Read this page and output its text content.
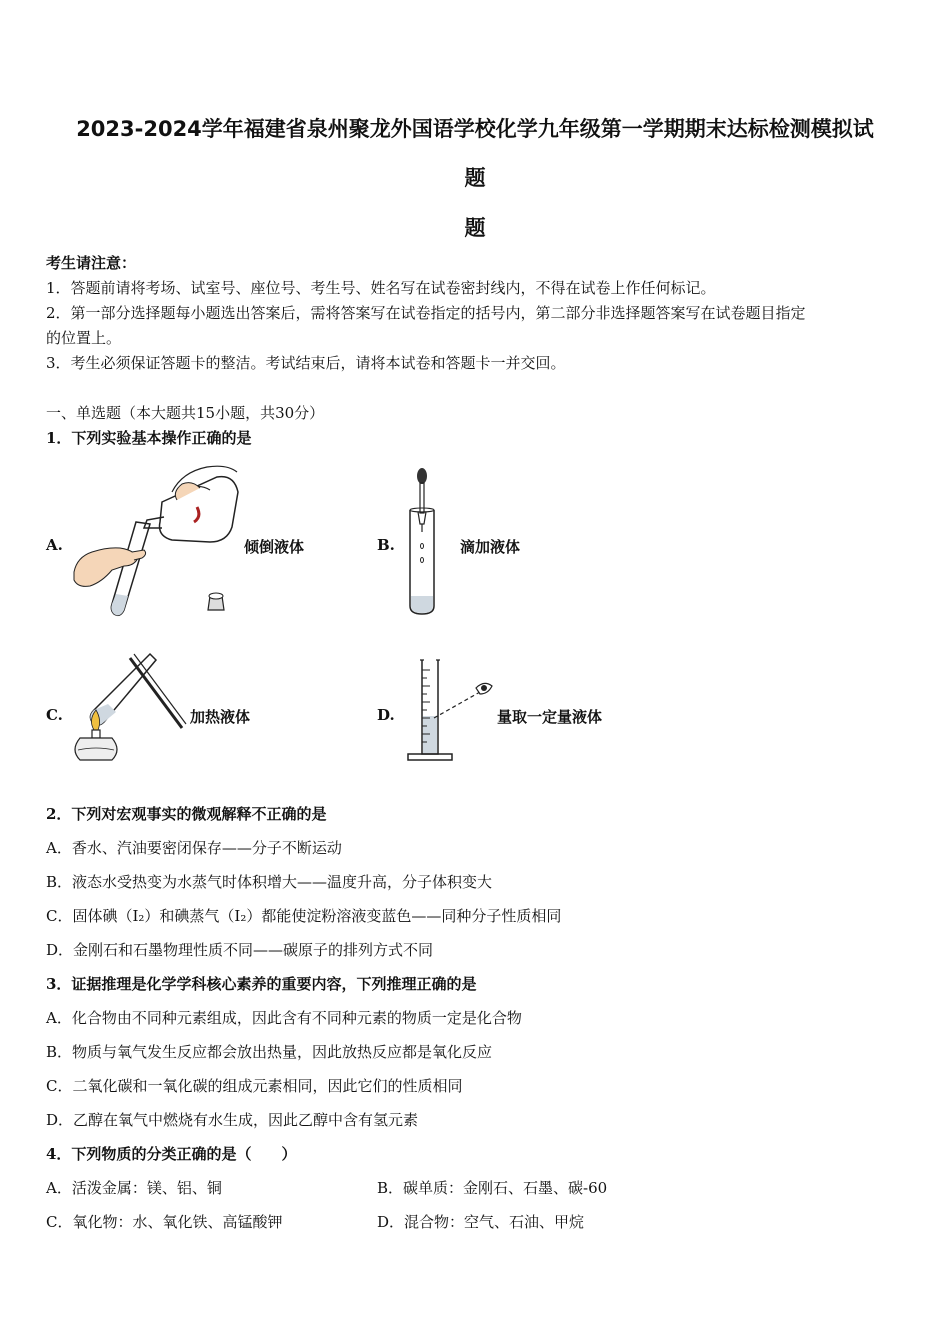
2023-2024学年福建省泉州聚龙外国语学校化学九年级第一学期期末达标检测模拟试
题
题
考生请注意：
1．答题前请将考场、试室号、座位号、考生号、姓名写在试卷密封线内，不得在试卷上作任何标记。
2．第一部分选择题每小题选出答案后，需将答案写在试卷指定的括号内，第二部分非选择题答案写在试卷题目指定
的位置上。
3．考生必须保证答题卡的整洁。考试结束后，请将本试卷和答题卡一并交回。
一、单选题（本大题共15小题，共30分）
1．下列实验基本操作正确的是
A.	倾倒液体	B.	滴加液体
C.	加热液体	D.	量取一定量液体
2．下列对宏观事实的微观解释不正确的是
A．香水、汽油要密闭保存——分子不断运动
B．液态水受热变为水蒸气时体积增大——温度升高，分子体积变大
C．固体碘（I₂）和碘蒸气（I₂）都能使淀粉溶液变蓝色——同种分子性质相同
D．金刚石和石墨物理性质不同——碳原子的排列方式不同
3．证据推理是化学学科核心素养的重要内容，下列推理正确的是
A．化合物由不同种元素组成，因此含有不同种元素的物质一定是化合物
B．物质与氧气发生反应都会放出热量，因此放热反应都是氧化反应
C．二氧化碳和一氧化碳的组成元素相同，因此它们的性质相同
D．乙醇在氧气中燃烧有水生成，因此乙醇中含有氢元素
4．下列物质的分类正确的是（　　）
A．活泼金属：镁、铝、铜	B．碳单质：金刚石、石墨、碳-60
C．氧化物：水、氧化铁、高锰酸钾	D．混合物：空气、石油、甲烷
